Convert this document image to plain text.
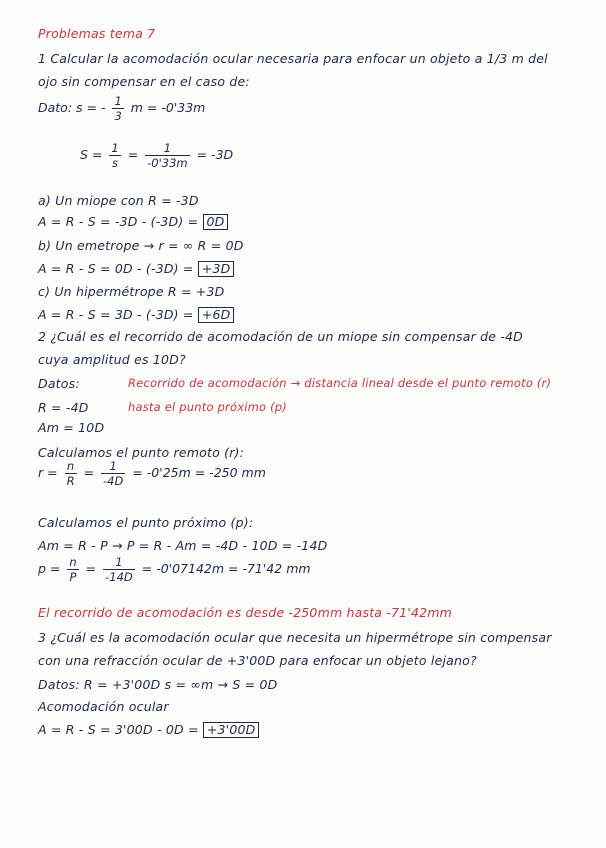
Problemas tema 7
1 Calcular la acomodación ocular necesaria para enfocar un objeto a 1/3 m del
ojo sin compensar en el caso de:
Dato: s = - $\frac{1}{3}$ m = -0'33m
$S = \frac{1}{s} = \frac{1}{-0'33m} = -3D$
a) Un miope con R = -3D
A = R - S = -3D - (-3D) = 0D
b) Un emetrope → r = ∞ R = 0D
A = R - S = 0D - (-3D) = +3D
c) Un hipermétrope R = +3D
A = R - S = 3D - (-3D) = +6D
2 ¿Cuál es el recorrido de acomodación de un miope sin compensar de -4D
cuya amplitud es 10D?
Datos:	Recorrido de acomodación → distancia lineal desde el punto remoto (r)
hasta el punto próximo (p)
R = -4D
Am = 10D
Calculamos el punto remoto (r):
$r = \frac{n}{R} = \frac{1}{-4D} = -0'25m = -250$ mm
Calculamos el punto próximo (p):
Am = R - P → P = R - Am = -4D - 10D = -14D
$p = \frac{n}{P} = \frac{1}{-14D} = -0'07142m = -71'42$ mm
El recorrido de acomodación es desde -250mm hasta -71'42mm
3 ¿Cuál es la acomodación ocular que necesita un hipermétrope sin compensar
con una refracción ocular de +3'00D para enfocar un objeto lejano?
Datos: R = +3'00D s = ∞m → S = 0D
Acomodación ocular
A = R - S = 3'00D - 0D = +3'00D
